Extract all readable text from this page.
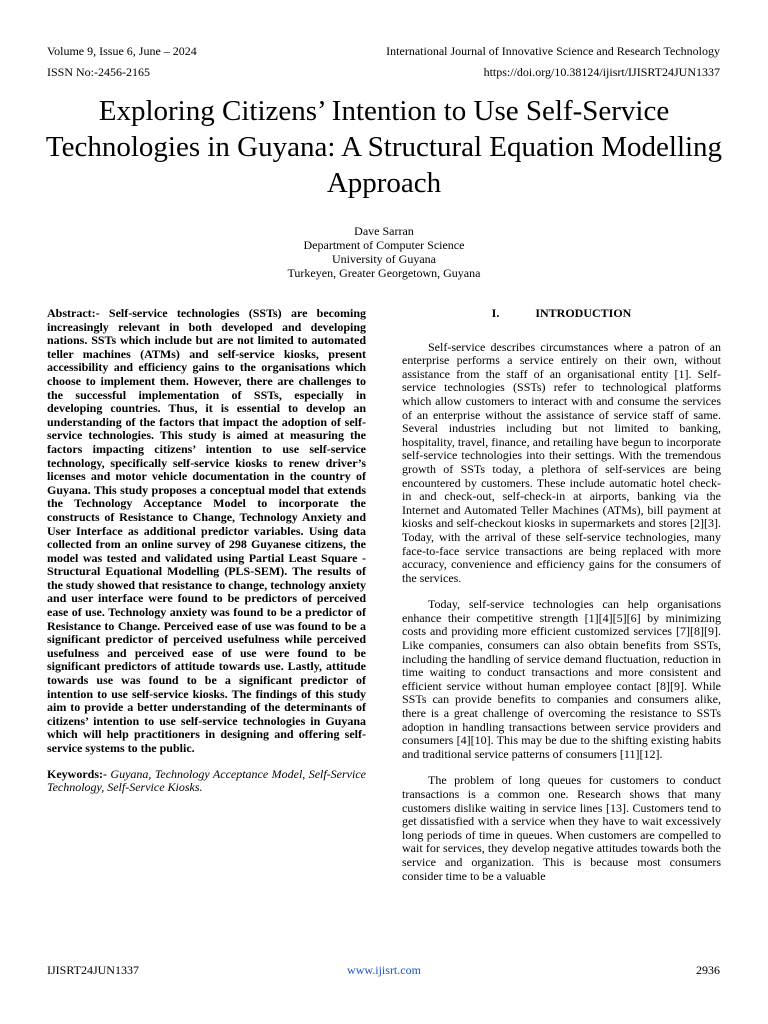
Volume 9, Issue 6, June – 2024	International Journal of Innovative Science and Research Technology
ISSN No:-2456-2165	https://doi.org/10.38124/ijisrt/IJISRT24JUN1337
Exploring Citizens’ Intention to Use Self-Service Technologies in Guyana: A Structural Equation Modelling Approach
Dave Sarran
Department of Computer Science
University of Guyana
Turkeyen, Greater Georgetown, Guyana

Abstract:- Self-service technologies (SSTs) are becoming increasingly relevant in both developed and developing nations. SSTs which include but are not limited to automated teller machines (ATMs) and self-service kiosks, present accessibility and efficiency gains to the organisations which choose to implement them. However, there are challenges to the successful implementation of SSTs, especially in developing countries. Thus, it is essential to develop an understanding of the factors that impact the adoption of self-service technologies. This study is aimed at measuring the factors impacting citizens’ intention to use self-service technology, specifically self-service kiosks to renew driver’s licenses and motor vehicle documentation in the country of Guyana. This study proposes a conceptual model that extends the Technology Acceptance Model to incorporate the constructs of Resistance to Change, Technology Anxiety and User Interface as additional predictor variables. Using data collected from an online survey of 298 Guyanese citizens, the model was tested and validated using Partial Least Square - Structural Equational Modelling (PLS-SEM). The results of the study showed that resistance to change, technology anxiety and user interface were found to be predictors of perceived ease of use. Technology anxiety was found to be a predictor of Resistance to Change. Perceived ease of use was found to be a significant predictor of perceived usefulness while perceived usefulness and perceived ease of use were found to be significant predictors of attitude towards use. Lastly, attitude towards use was found to be a significant predictor of intention to use self-service kiosks. The findings of this study aim to provide a better understanding of the determinants of citizens’ intention to use self-service technologies in Guyana which will help practitioners in designing and offering self-service systems to the public.

Keywords:- Guyana, Technology Acceptance Model, Self-Service Technology, Self-Service Kiosks.

I.	INTRODUCTION

Self-service describes circumstances where a patron of an enterprise performs a service entirely on their own, without assistance from the staff of an organisational entity [1]. Self-service technologies (SSTs) refer to technological platforms which allow customers to interact with and consume the services of an enterprise without the assistance of service staff of same. Several industries including but not limited to banking, hospitality, travel, finance, and retailing have begun to incorporate self-service technologies into their settings. With the tremendous growth of SSTs today, a plethora of self-services are being encountered by customers. These include automatic hotel check-in and check-out, self-check-in at airports, banking via the Internet and Automated Teller Machines (ATMs), bill payment at kiosks and self-checkout kiosks in supermarkets and stores [2][3]. Today, with the arrival of these self-service technologies, many face-to-face service transactions are being replaced with more accuracy, convenience and efficiency gains for the consumers of the services.

Today, self-service technologies can help organisations enhance their competitive strength [1][4][5][6] by minimizing costs and providing more efficient customized services [7][8][9]. Like companies, consumers can also obtain benefits from SSTs, including the handling of service demand fluctuation, reduction in time waiting to conduct transactions and more consistent and efficient service without human employee contact [8][9]. While SSTs can provide benefits to companies and consumers alike, there is a great challenge of overcoming the resistance to SSTs adoption in handling transactions between service providers and consumers [4][10]. This may be due to the shifting existing habits and traditional service patterns of consumers [11][12].

The problem of long queues for customers to conduct transactions is a common one. Research shows that many customers dislike waiting in service lines [13]. Customers tend to get dissatisfied with a service when they have to wait excessively long periods of time in queues. When customers are compelled to wait for services, they develop negative attitudes towards both the service and organization. This is because most consumers consider time to be a valuable

IJISRT24JUN1337	www.ijisrt.com	2936
